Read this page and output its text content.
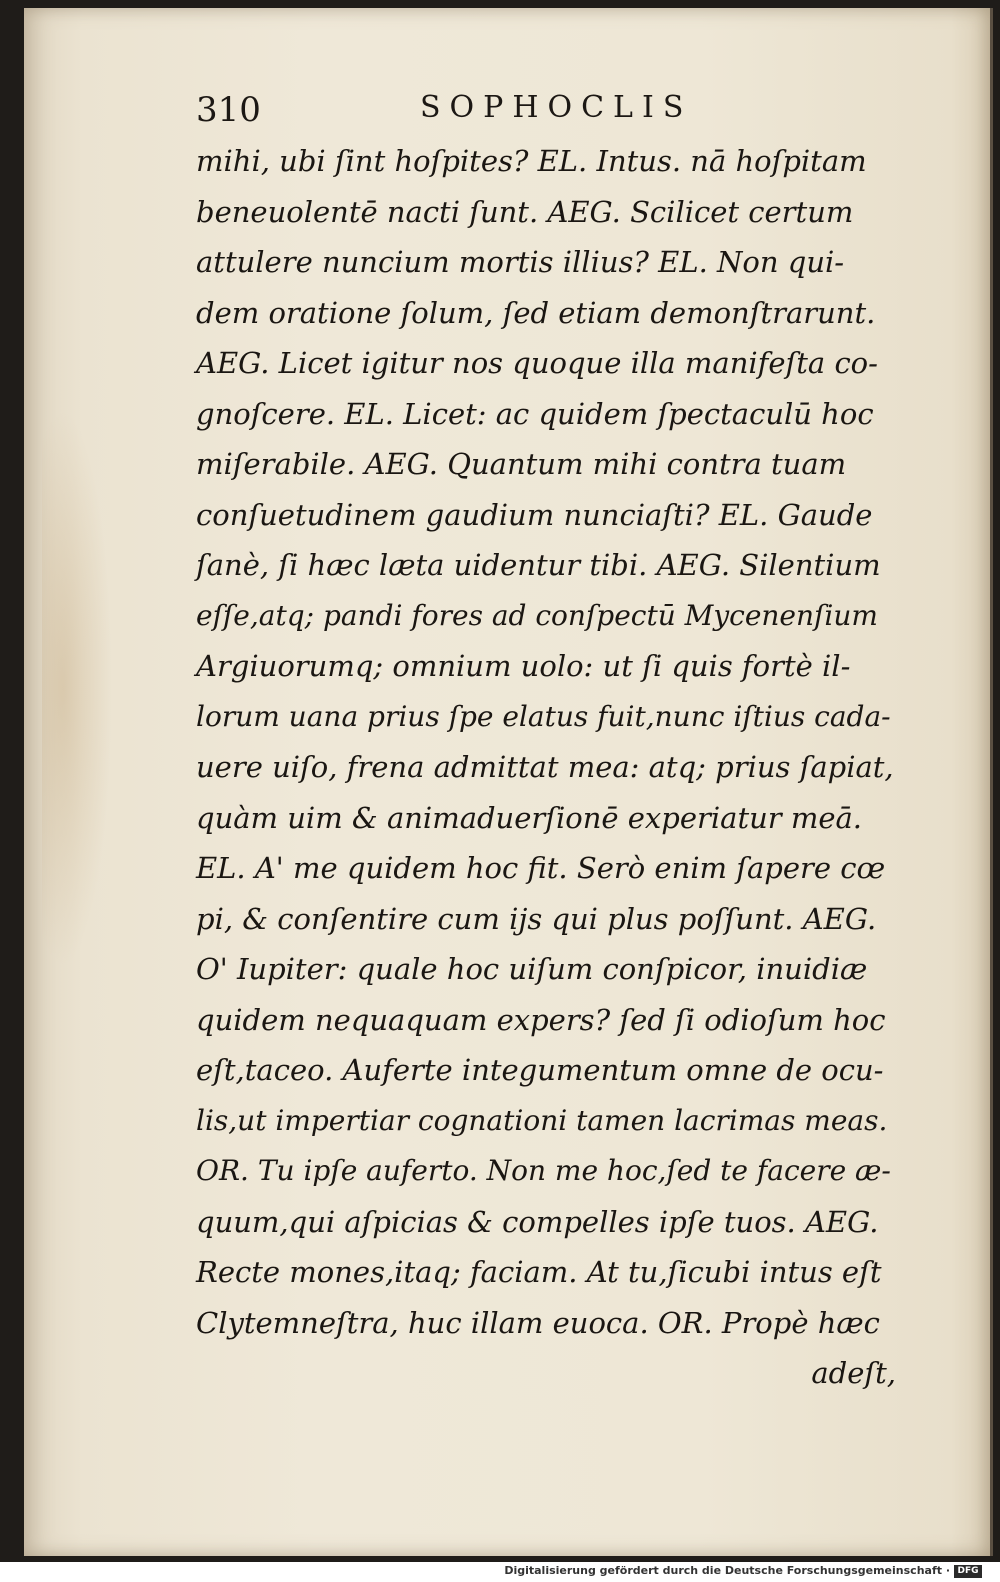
310	SOPHOCLIS
mihi, ubi ſint hoſpites? EL. Intus. nā hoſpitam
beneuolentē nacti ſunt. AEG. Scilicet certum
attulere nuncium mortis illius? EL. Non qui-
dem oratione ſolum, ſed etiam demonſtrarunt.
AEG. Licet igitur nos quoque illa manifeſta co-
gnoſcere. EL. Licet: ac quidem ſpectaculū hoc
miſerabile. AEG. Quantum mihi contra tuam
conſuetudinem gaudium nunciaſti? EL. Gaude
ſanè, ſi hæc læta uidentur tibi. AEG. Silentium
eſſe,atq; pandi fores ad conſpectū Mycenenſium
Argiuorumq; omnium uolo: ut ſi quis fortè il-
lorum uana prius ſpe elatus fuit,nunc iſtius cada-
uere uiſo, frena admittat mea: atq; prius ſapiat,
quàm uim & animaduerſionē experiatur meā.
EL. A' me quidem hoc fit. Serò enim ſapere cœ
pi, & conſentire cum ijs qui plus poſſunt. AEG.
O' Iupiter: quale hoc uiſum conſpicor, inuidiæ
quidem nequaquam expers? ſed ſi odioſum hoc
eſt,taceo. Auferte integumentum omne de ocu-
lis,ut impertiar cognationi tamen lacrimas meas.
OR. Tu ipſe auferto. Non me hoc,ſed te facere æ-
quum,qui aſpicias & compelles ipſe tuos. AEG.
Recte mones,itaq; faciam. At tu,ſicubi intus eſt
Clytemneſtra, huc illam euoca. OR. Propè hæc
adeſt,
Digitalisierung gefördert durch die Deutsche Forschungsgemeinschaft · DFG
